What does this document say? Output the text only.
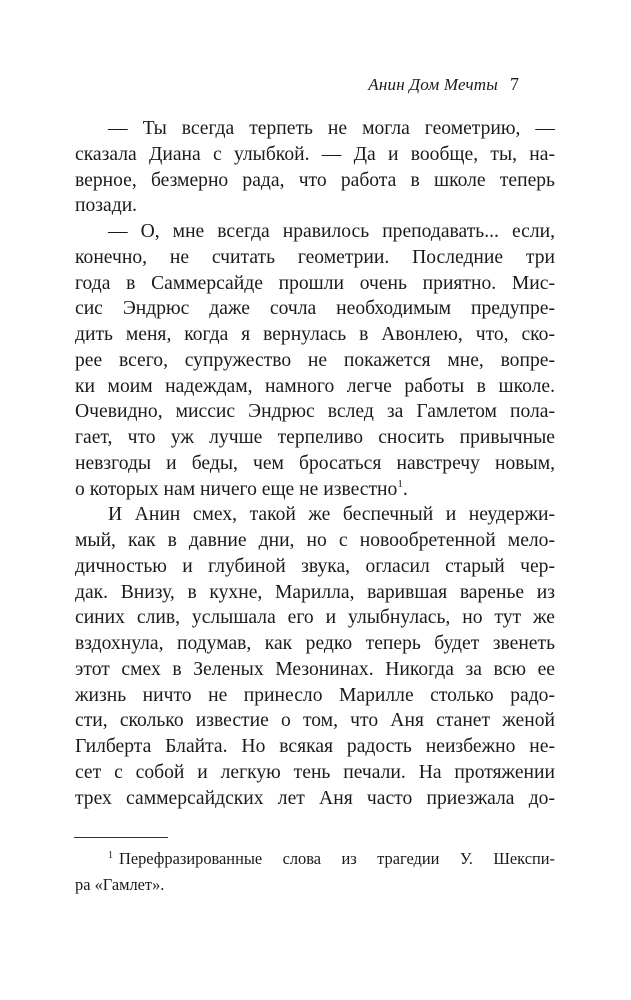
Анин Дом Мечты 7
— Ты всегда терпеть не могла геометрию, —
сказала Диана с улыбкой. — Да и вообще, ты, на-
верное, безмерно рада, что работа в школе теперь
позади.
— О, мне всегда нравилось преподавать... если,
конечно, не считать геометрии. Последние три
года в Саммерсайде прошли очень приятно. Мис-
сис Эндрюс даже сочла необходимым предупре-
дить меня, когда я вернулась в Авонлею, что, ско-
рее всего, супружество не покажется мне, вопре-
ки моим надеждам, намного легче работы в школе.
Очевидно, миссис Эндрюс вслед за Гамлетом пола-
гает, что уж лучше терпеливо сносить привычные
невзгоды и беды, чем бросаться навстречу новым,
о которых нам ничего еще не известно$^1$.
И Анин смех, такой же беспечный и неудержи-
мый, как в давние дни, но с новообретенной мело-
дичностью и глубиной звука, огласил старый чер-
дак. Внизу, в кухне, Марилла, варившая варенье из
синих слив, услышала его и улыбнулась, но тут же
вздохнула, подумав, как редко теперь будет звенеть
этот смех в Зеленых Мезонинах. Никогда за всю ее
жизнь ничто не принесло Марилле столько радо-
сти, сколько известие о том, что Аня станет женой
Гилберта Блайта. Но всякая радость неизбежно не-
сет с собой и легкую тень печали. На протяжении
трех саммерсайдских лет Аня часто приезжала до-
$^1$ Перефразированные слова из трагедии У. Шекспи-
ра «Гамлет».
